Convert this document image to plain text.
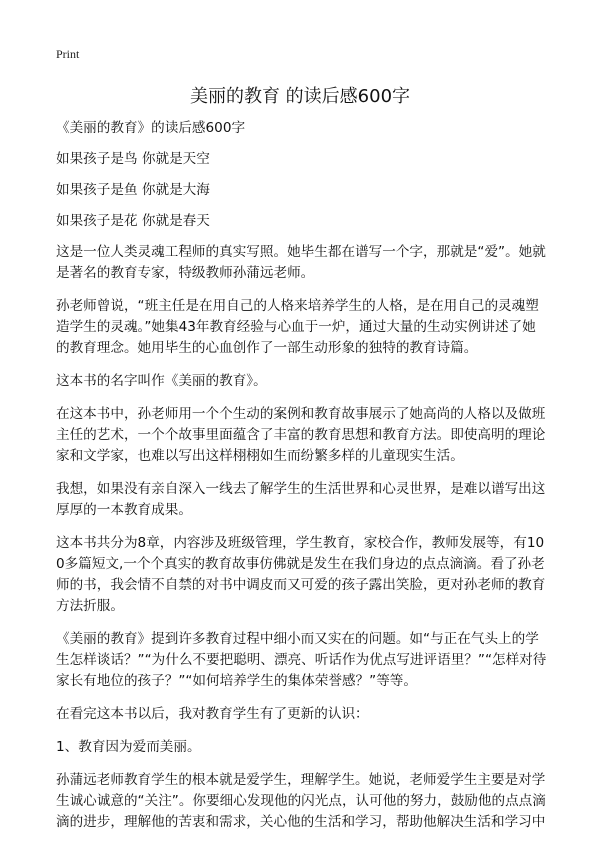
Print
美丽的教育 的读后感600字

《美丽的教育》的读后感600字

如果孩子是鸟 你就是天空

如果孩子是鱼 你就是大海

如果孩子是花 你就是春天

这是一位人类灵魂工程师的真实写照。她毕生都在谱写一个字，那就是“爱”。她就是著名的教育专家，特级教师孙蒲远老师。

孙老师曾说，“班主任是在用自己的人格来培养学生的人格，是在用自己的灵魂塑造学生的灵魂。”她集43年教育经验与心血于一炉，通过大量的生动实例讲述了她的教育理念。她用毕生的心血创作了一部生动形象的独特的教育诗篇。

这本书的名字叫作《美丽的教育》。

在这本书中，孙老师用一个个生动的案例和教育故事展示了她高尚的人格以及做班主任的艺术，一个个故事里面蕴含了丰富的教育思想和教育方法。即使高明的理论家和文学家，也难以写出这样栩栩如生而纷繁多样的儿童现实生活。

我想，如果没有亲自深入一线去了解学生的生活世界和心灵世界，是难以谱写出这厚厚的一本教育成果。

这本书共分为8章，内容涉及班级管理，学生教育，家校合作，教师发展等，有100多篇短文,一个个真实的教育故事仿佛就是发生在我们身边的点点滴滴。看了孙老师的书，我会情不自禁的对书中调皮而又可爱的孩子露出笑脸，更对孙老师的教育方法折服。

《美丽的教育》提到许多教育过程中细小而又实在的问题。如“与正在气头上的学生怎样谈话？”“为什么不要把聪明、漂亮、听话作为优点写进评语里？”“怎样对待家长有地位的孩子？”“如何培养学生的集体荣誉感？”等等。

在看完这本书以后，我对教育学生有了更新的认识：

1、教育因为爱而美丽。

孙蒲远老师教育学生的根本就是爱学生，理解学生。她说，老师爱学生主要是对学生诚心诚意的“关注”。你要细心发现他的闪光点，认可他的努力，鼓励他的点点滴滴的进步，理解他的苦衷和需求，关心他的生活和学习，帮助他解决生活和学习中
